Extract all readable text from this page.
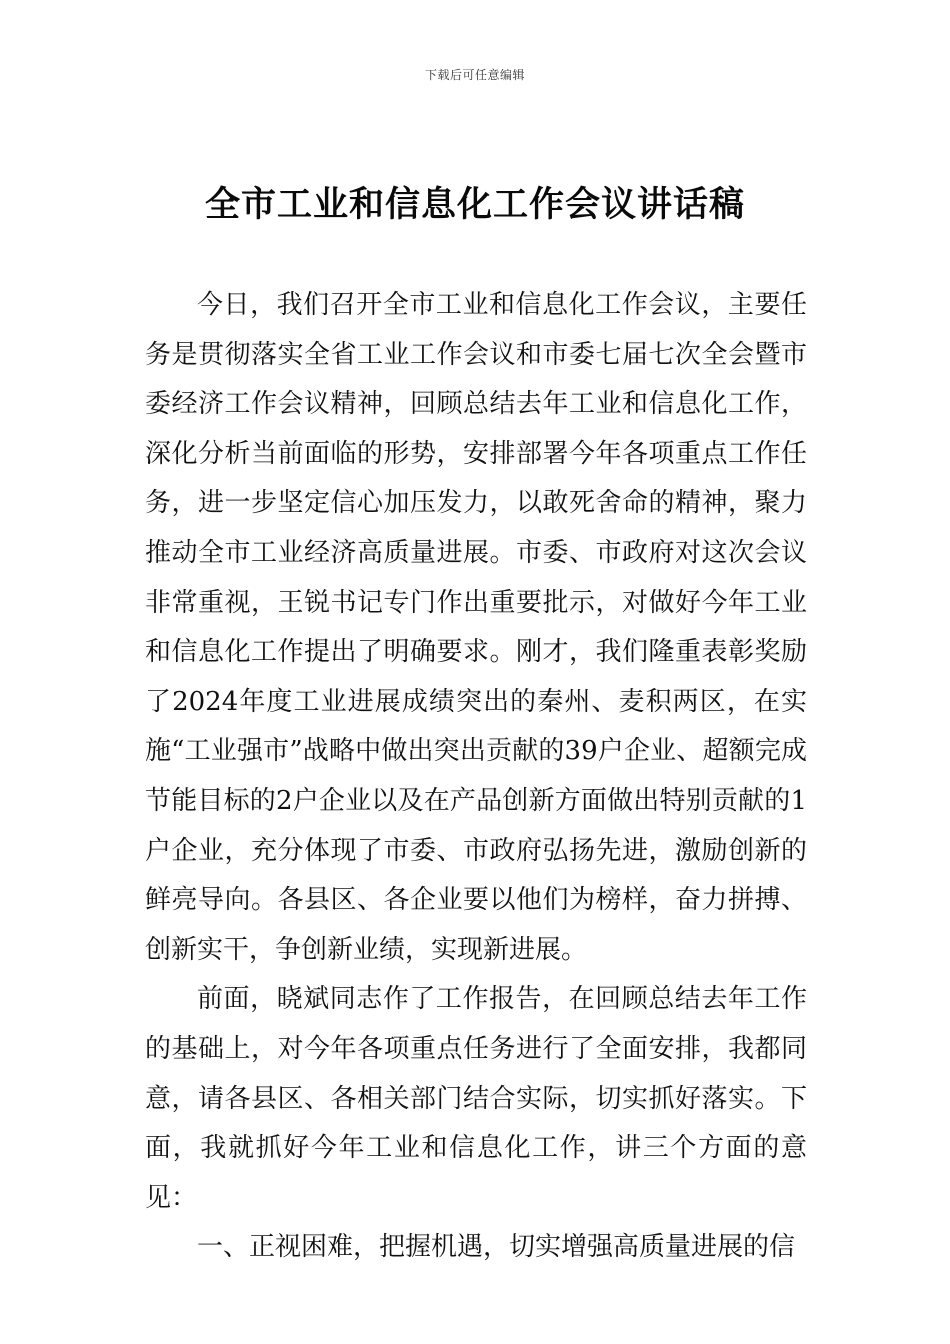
下载后可任意编辑
全市工业和信息化工作会议讲话稿

今日，我们召开全市工业和信息化工作会议，主要任务是贯彻落实全省工业工作会议和市委七届七次全会暨市委经济工作会议精神，回顾总结去年工业和信息化工作，深化分析当前面临的形势，安排部署今年各项重点工作任务，进一步坚定信心加压发力，以敢死舍命的精神，聚力推动全市工业经济高质量进展。市委、市政府对这次会议非常重视，王锐书记专门作出重要批示，对做好今年工业和信息化工作提出了明确要求。刚才，我们隆重表彰奖励了2024年度工业进展成绩突出的秦州、麦积两区，在实施“工业强市”战略中做出突出贡献的39户企业、超额完成节能目标的2户企业以及在产品创新方面做出特别贡献的1户企业，充分体现了市委、市政府弘扬先进，激励创新的鲜亮导向。各县区、各企业要以他们为榜样，奋力拼搏、创新实干，争创新业绩，实现新进展。

前面，晓斌同志作了工作报告，在回顾总结去年工作的基础上，对今年各项重点任务进行了全面安排，我都同意，请各县区、各相关部门结合实际，切实抓好落实。下面，我就抓好今年工业和信息化工作，讲三个方面的意见：

一、正视困难，把握机遇，切实增强高质量进展的信
